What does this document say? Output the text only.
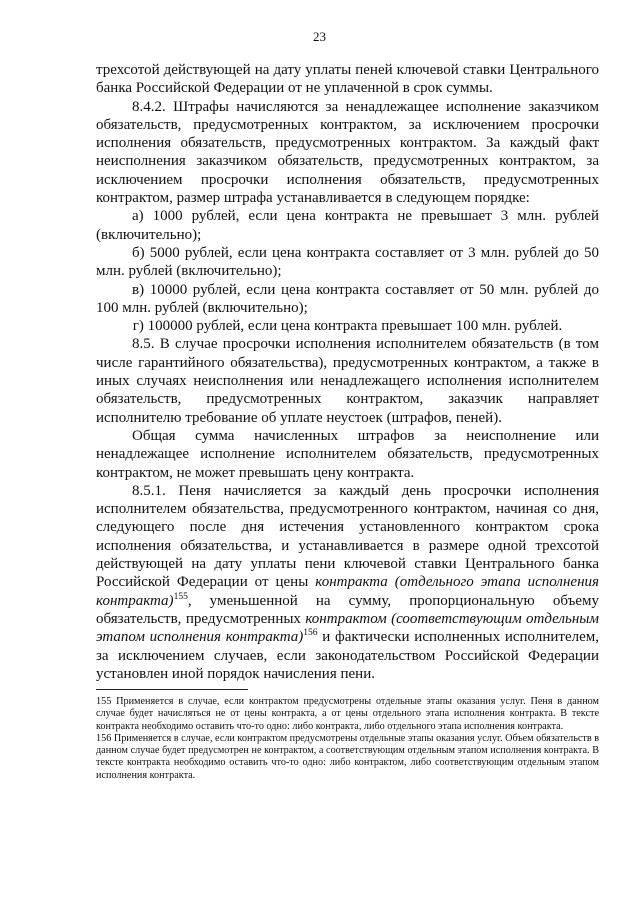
23

трехсотой действующей на дату уплаты пеней ключевой ставки Центрального банка Российской Федерации от не уплаченной в срок суммы.

8.4.2. Штрафы начисляются за ненадлежащее исполнение заказчиком обязательств, предусмотренных контрактом, за исключением просрочки исполнения обязательств, предусмотренных контрактом. За каждый факт неисполнения заказчиком обязательств, предусмотренных контрактом, за исключением просрочки исполнения обязательств, предусмотренных контрактом, размер штрафа устанавливается в следующем порядке:

а) 1000 рублей, если цена контракта не превышает 3 млн. рублей (включительно);

б) 5000 рублей, если цена контракта составляет от 3 млн. рублей до 50 млн. рублей (включительно);

в) 10000 рублей, если цена контракта составляет от 50 млн. рублей до 100 млн. рублей (включительно);

г) 100000 рублей, если цена контракта превышает 100 млн. рублей.

8.5. В случае просрочки исполнения исполнителем обязательств (в том числе гарантийного обязательства), предусмотренных контрактом, а также в иных случаях неисполнения или ненадлежащего исполнения исполнителем обязательств, предусмотренных контрактом, заказчик направляет исполнителю требование об уплате неустоек (штрафов, пеней).

Общая сумма начисленных штрафов за неисполнение или ненадлежащее исполнение исполнителем обязательств, предусмотренных контрактом, не может превышать цену контракта.

8.5.1. Пеня начисляется за каждый день просрочки исполнения исполнителем обязательства, предусмотренного контрактом, начиная со дня, следующего после дня истечения установленного контрактом срока исполнения обязательства, и устанавливается в размере одной трехсотой действующей на дату уплаты пени ключевой ставки Центрального банка Российской Федерации от цены контракта (отдельного этапа исполнения контракта)$^{155}$, уменьшенной на сумму, пропорциональную объему обязательств, предусмотренных контрактом (соответствующим отдельным этапом исполнения контракта)$^{156}$ и фактически исполненных исполнителем, за исключением случаев, если законодательством Российской Федерации установлен иной порядок начисления пени.

155 Применяется в случае, если контрактом предусмотрены отдельные этапы оказания услуг. Пеня в данном случае будет начисляться не от цены контракта, а от цены отдельного этапа исполнения контракта. В тексте контракта необходимо оставить что-то одно: либо контракта, либо отдельного этапа исполнения контракта.

156 Применяется в случае, если контрактом предусмотрены отдельные этапы оказания услуг. Объем обязательств в данном случае будет предусмотрен не контрактом, а соответствующим отдельным этапом исполнения контракта. В тексте контракта необходимо оставить что-то одно: либо контрактом, либо соответствующим отдельным этапом исполнения контракта.
